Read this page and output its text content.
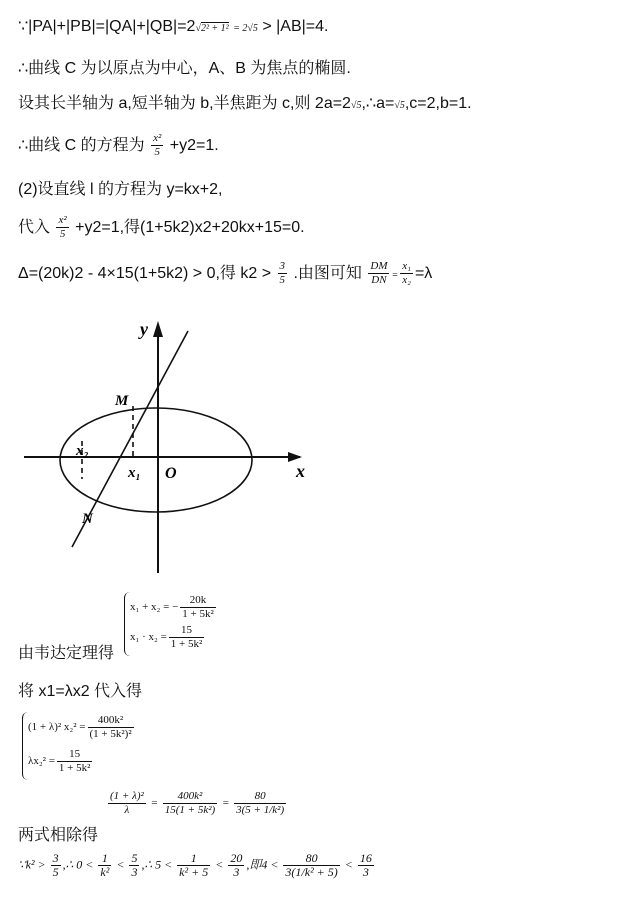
∵|PA|+|PB|=|QA|+|QB|=2√2² + 1² = 2√5 > |AB|=4.
∴曲线 C 为以原点为中心，A、B 为焦点的椭圆.
设其长半轴为 a,短半轴为 b,半焦距为 c,则 2a=2√5,∴a=√5,c=2,b=1.
∴曲线 C 的方程为 $\frac{\text{x²}}{5} +y2=1$.
(2)设直线 l 的方程为 y=kx+2,
代入 $\frac{\text{x²}}{5} +y2=1$,得(1+5k2)x2+20kx+15=0.
Δ=(20k)2 - 4×15(1+5k2) > 0,得 $k2 > \frac{3}{5}$ .由图可知 $\frac{DM}{DN} = \frac{\text{x₁}}{\text{x₂}} =\lambda$
y
x
O
M
N
x₁
x₂
x₁ + x₂ = − $\frac{20k}{\text{1 + 5k²}}$
$x_1 \cdot x_2 = \frac{15}{\text{1 + 5k²}}$
由韦达定理得
将 x1=λx2 代入得
(1 + λ)² $x_2^2 = \frac{\text{400k²}}{\text{(1 + 5k²)²}}$
$\lambda x_2^2 = \frac{15}{\text{1 + 5k²}}$
$\frac{\text{(1 + λ)²}}{\lambda} = \frac{\text{400k²}}{\text{15(1 + 5k²)}} = \frac{80}{\text{3(5 + 1/k²)}}$
两式相除得
∵k² > $\frac{3}{5}$ ,∴ $0 < \frac{1}{\text{k²}} < \frac{5}{3}$ ,∴ $5 < \frac{1}{\text{k² + 5}} < \frac{20}{3}$ ,即$4 < \frac{80}{\text{3(1/k² + 5)}} < \frac{16}{3}$
